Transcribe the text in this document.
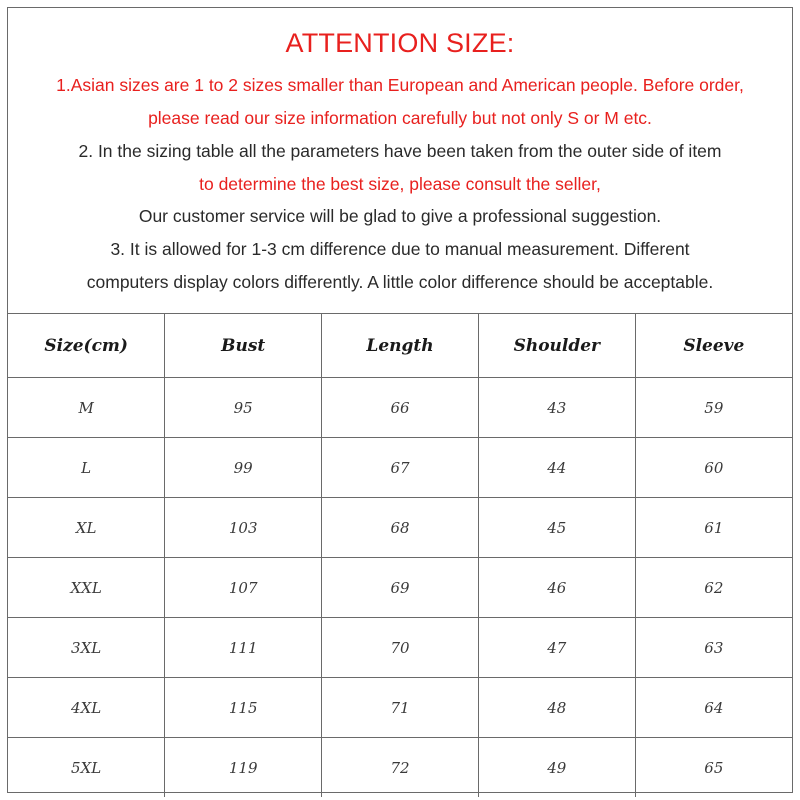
ATTENTION SIZE:
1.Asian sizes are 1 to 2 sizes smaller than European and American people. Before order,
please read our size information carefully but not only S or M etc.
2. In the sizing table all the parameters have been taken from the outer side of item
to determine the best size, please consult the seller,
Our customer service will be glad to give a professional suggestion.
3. It is allowed for 1-3 cm difference due to manual measurement. Different
computers display colors differently. A little color difference should be acceptable.
Size(cm)	Bust	Length	Shoulder	Sleeve
M	95	66	43	59
L	99	67	44	60
XL	103	68	45	61
XXL	107	69	46	62
3XL	111	70	47	63
4XL	115	71	48	64
5XL	119	72	49	65
